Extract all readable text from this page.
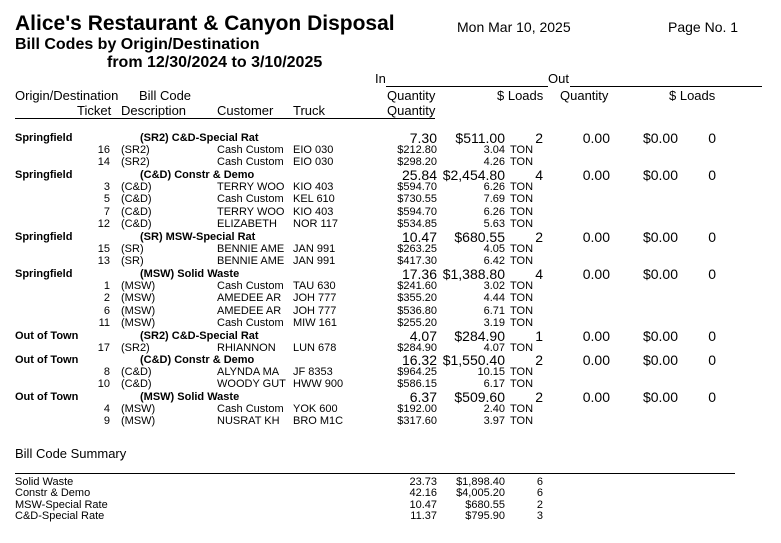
Alice's Restaurant & Canyon Disposal
Bill Codes by Origin/Destination
from 12/30/2024 to 3/10/2025
Mon Mar 10, 2025	Page No. 1
In	Out
Origin/Destination Bill Code	Quantity	$ Loads Quantity	$ Loads
Ticket Description Customer Truck	Quantity
Springfield	(SR2) C&D-Special Rat	7.30 $511.00 2	0.00 $0.00 0
16 (SR2)	Cash Custom EIO 030	$212.80	3.04 TON
14 (SR2)	Cash Custom EIO 030	$298.20	4.26 TON
Springfield	(C&D) Constr & Demo	25.84 $2,454.80 4	0.00 $0.00 0
3 (C&D)	TERRY WOO KIO 403	$594.70	6.26 TON
5 (C&D)	Cash Custom KEL 610	$730.55	7.69 TON
7 (C&D)	TERRY WOO KIO 403	$594.70	6.26 TON
12 (C&D)	ELIZABETH NOR 117	$534.85	5.63 TON
Springfield	(SR) MSW-Special Rat	10.47 $680.55 2	0.00 $0.00 0
15 (SR)	BENNIE AME JAN 991	$263.25	4.05 TON
13 (SR)	BENNIE AME JAN 991	$417.30	6.42 TON
Springfield	(MSW) Solid Waste	17.36 $1,388.80 4	0.00 $0.00 0
1 (MSW)	Cash Custom TAU 630	$241.60	3.02 TON
2 (MSW)	AMEDEE AR JOH 777	$355.20	4.44 TON
6 (MSW)	AMEDEE AR JOH 777	$536.80	6.71 TON
11 (MSW)	Cash Custom MIW 161	$255.20	3.19 TON
Out of Town	(SR2) C&D-Special Rat	4.07 $284.90 1	0.00 $0.00 0
17 (SR2)	RHIANNON LUN 678	$284.90	4.07 TON
Out of Town	(C&D) Constr & Demo	16.32 $1,550.40 2	0.00 $0.00 0
8 (C&D)	ALYNDA MA JF 8353	$964.25	10.15 TON
10 (C&D)	WOODY GUT HWW 900	$586.15	6.17 TON
Out of Town	(MSW) Solid Waste	6.37 $509.60 2	0.00 $0.00 0
4 (MSW)	Cash Custom YOK 600	$192.00	2.40 TON
9 (MSW)	NUSRAT KH BRO M1C	$317.60	3.97 TON
Bill Code Summary
Solid Waste	23.73 $1,898.40	6
Constr & Demo	42.16 $4,005.20	6
MSW-Special Rate	10.47	$680.55	2
C&D-Special Rate	11.37	$795.90	3
